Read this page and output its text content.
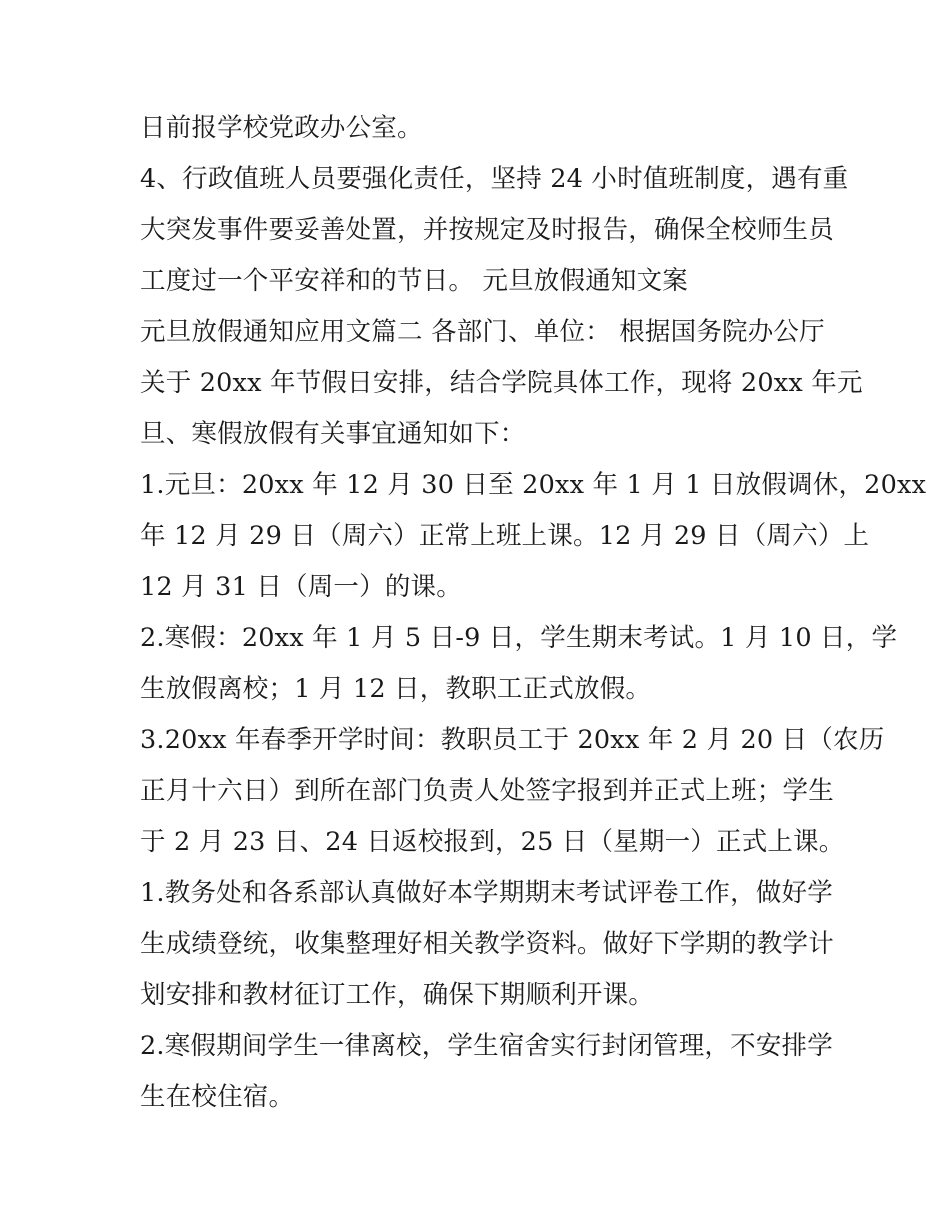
日前报学校党政办公室。
4、行政值班人员要强化责任，坚持 24 小时值班制度，遇有重
大突发事件要妥善处置，并按规定及时报告，确保全校师生员
工度过一个平安祥和的节日。 元旦放假通知文案
元旦放假通知应用文篇二 各部门、单位： 根据国务院办公厅
关于 20xx 年节假日安排，结合学院具体工作，现将 20xx 年元
旦、寒假放假有关事宜通知如下：
1.元旦：20xx 年 12 月 30 日至 20xx 年 1 月 1 日放假调休，20xx
年 12 月 29 日（周六）正常上班上课。12 月 29 日（周六）上
12 月 31 日（周一）的课。
2.寒假：20xx 年 1 月 5 日-9 日，学生期末考试。1 月 10 日，学
生放假离校；1 月 12 日，教职工正式放假。
3.20xx 年春季开学时间：教职员工于 20xx 年 2 月 20 日（农历
正月十六日）到所在部门负责人处签字报到并正式上班；学生
于 2 月 23 日、24 日返校报到，25 日（星期一）正式上课。
1.教务处和各系部认真做好本学期期末考试评卷工作，做好学
生成绩登统，收集整理好相关教学资料。做好下学期的教学计
划安排和教材征订工作，确保下期顺利开课。
2.寒假期间学生一律离校，学生宿舍实行封闭管理，不安排学
生在校住宿。
